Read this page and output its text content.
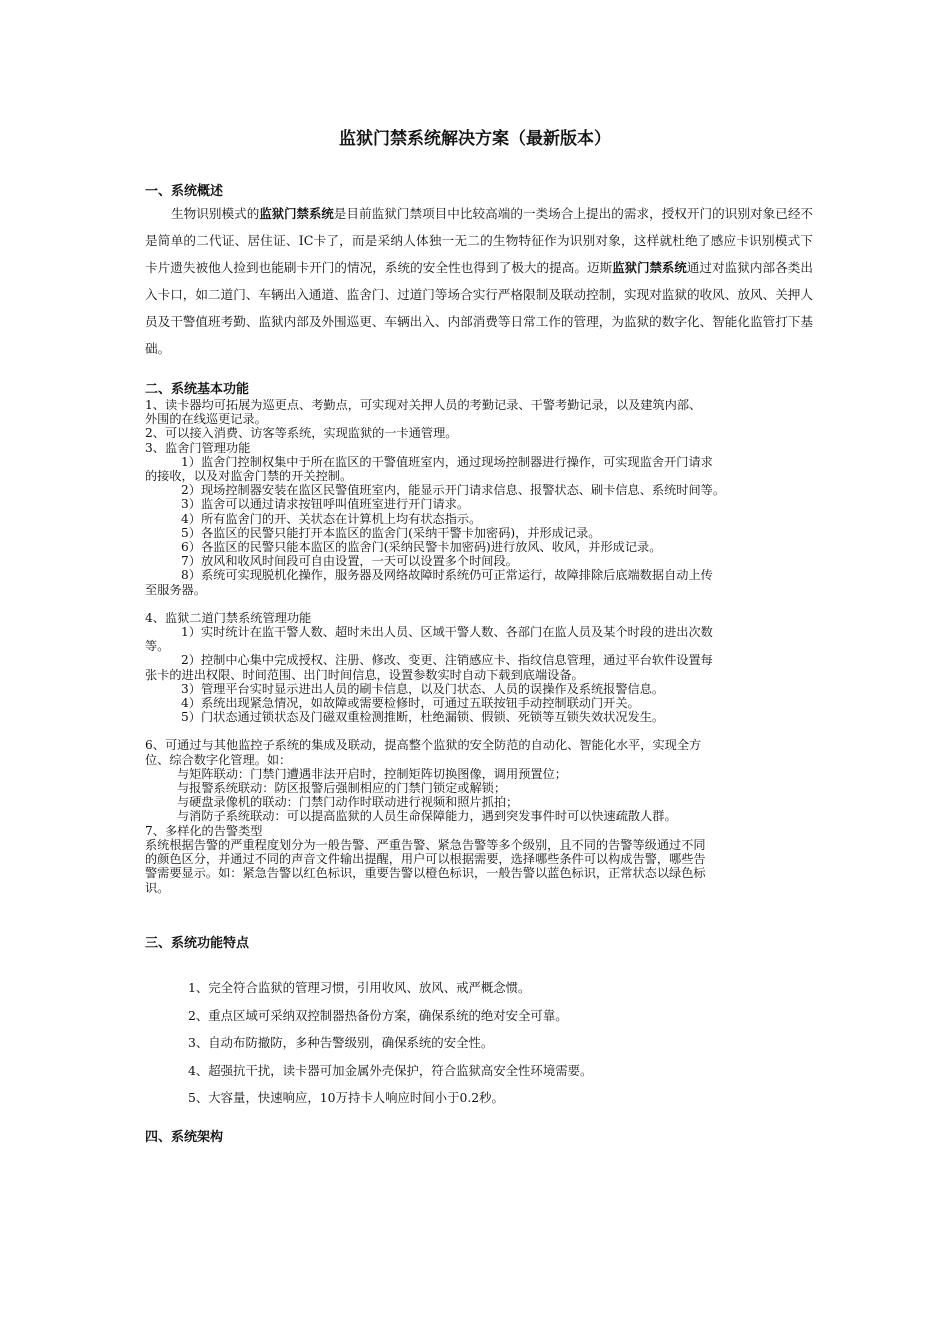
监狱门禁系统解决方案（最新版本）
一、系统概述
生物识别模式的监狱门禁系统是目前监狱门禁项目中比较高端的一类场合上提出的需求，授权开门的识别对象已经不是简单的二代证、居住证、IC卡了，而是采纳人体独一无二的生物特征作为识别对象，这样就杜绝了感应卡识别模式下卡片遗失被他人捡到也能刷卡开门的情况，系统的安全性也得到了极大的提高。迈斯监狱门禁系统通过对监狱内部各类出入卡口，如二道门、车辆出入通道、监舍门、过道门等场合实行严格限制及联动控制，实现对监狱的收风、放风、关押人员及干警值班考勤、监狱内部及外围巡更、车辆出入、内部消费等日常工作的管理，为监狱的数字化、智能化监管打下基础。
二、系统基本功能
1、读卡器均可拓展为巡更点、考勤点，可实现对关押人员的考勤记录、干警考勤记录，以及建筑内部、
外围的在线巡更记录。
2、可以接入消费、访客等系统，实现监狱的一卡通管理。
3、监舍门管理功能
1）监舍门控制权集中于所在监区的干警值班室内，通过现场控制器进行操作，可实现监舍开门请求
的接收，以及对监舍门禁的开关控制。
2）现场控制器安装在监区民警值班室内，能显示开门请求信息、报警状态、刷卡信息、系统时间等。
3）监舍可以通过请求按钮呼叫值班室进行开门请求。
4）所有监舍门的开、关状态在计算机上均有状态指示。
5）各监区的民警只能打开本监区的监舍门(采纳干警卡加密码)，并形成记录。
6）各监区的民警只能本监区的监舍门(采纳民警卡加密码)进行放风、收风，并形成记录。
7）放风和收风时间段可自由设置，一天可以设置多个时间段。
8）系统可实现脱机化操作，服务器及网络故障时系统仍可正常运行，故障排除后底端数据自动上传
至服务器。
4、监狱二道门禁系统管理功能
1）实时统计在监干警人数、超时未出人员、区域干警人数、各部门在监人员及某个时段的进出次数
等。
2）控制中心集中完成授权、注册、修改、变更、注销感应卡、指纹信息管理，通过平台软件设置每
张卡的进出权限、时间范围、出门时间信息，设置参数实时自动下载到底端设备。
3）管理平台实时显示进出人员的刷卡信息，以及门状态、人员的误操作及系统报警信息。
4）系统出现紧急情况，如故障或需要检修时，可通过五联按钮手动控制联动门开关。
5）门状态通过锁状态及门磁双重检测推断，杜绝漏锁、假锁、死锁等互锁失效状况发生。
6、可通过与其他监控子系统的集成及联动，提高整个监狱的安全防范的自动化、智能化水平，实现全方
位、综合数字化管理。如：
与矩阵联动：门禁门遭遇非法开启时，控制矩阵切换图像，调用预置位；
与报警系统联动：防区报警后强制相应的门禁门锁定或解锁；
与硬盘录像机的联动：门禁门动作时联动进行视频和照片抓拍；
与消防子系统联动：可以提高监狱的人员生命保障能力，遇到突发事件时可以快速疏散人群。
7、多样化的告警类型
系统根据告警的严重程度划分为一般告警、严重告警、紧急告警等多个级别，且不同的告警等级通过不同
的颜色区分，并通过不同的声音文件输出提醒，用户可以根据需要，选择哪些条件可以构成告警，哪些告
警需要显示。如：紧急告警以红色标识，重要告警以橙色标识，一般告警以蓝色标识，正常状态以绿色标
识。
三、系统功能特点
1、完全符合监狱的管理习惯，引用收风、放风、戒严概念惯。
2、重点区域可采纳双控制器热备份方案，确保系统的绝对安全可靠。
3、自动布防撤防，多种告警级别，确保系统的安全性。
4、超强抗干扰，读卡器可加金属外壳保护，符合监狱高安全性环境需要。
5、大容量，快速响应，10万持卡人响应时间小于0.2秒。
四、系统架构
